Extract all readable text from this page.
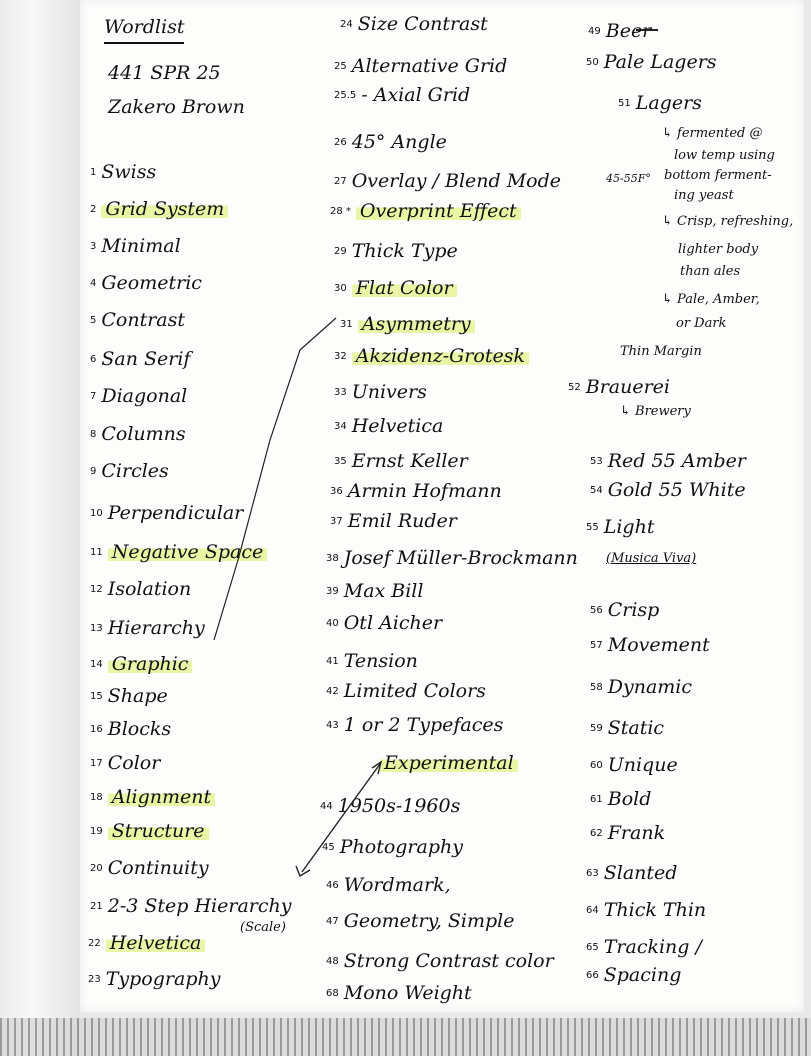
Wordlist
441 SPR 25
Zakero Brown
1 Swiss
2 Grid System
3 Minimal
4 Geometric
5 Contrast
6 San Serif
7 Diagonal
8 Columns
9 Circles
10 Perpendicular
11 Negative Space
12 Isolation
13 Hierarchy
14 Graphic
15 Shape
16 Blocks
17 Color
18 Alignment
19 Structure
20 Continuity
21 2-3 Step Hierarchy
(Scale)
22 Helvetica
23 Typography
24 Size Contrast
25 Alternative Grid
25.5 - Axial Grid
26 45° Angle
27 Overlay / Blend Mode
28 * Overprint Effect
29 Thick Type
30 Flat Color
31 Asymmetry
32 Akzidenz-Grotesk
33 Univers
34 Helvetica
35 Ernst Keller
36 Armin Hofmann
37 Emil Ruder
38 Josef Müller-Brockmann (Musica Viva)
39 Max Bill
40 Otl Aicher
41 Tension
42 Limited Colors
43 1 or 2 Typefaces
Experimental
44 1950s-1960s
45 Photography
46 Wordmark,
47 Geometry, Simple
48 Strong Contrast color
68 Mono Weight
49 Beer
50 Pale Lagers
51 Lagers
↳ fermented @
low temp using
45-55F° bottom ferment-
ing yeast
↳ Crisp, refreshing,
lighter body
than ales
↳ Pale, Amber,
or Dark
Thin Margin
52 Brauerei
↳ Brewery
53 Red 55 Amber
54 Gold 55 White
55 Light
56 Crisp
57 Movement
58 Dynamic
59 Static
60 Unique
61 Bold
62 Frank
63 Slanted
64 Thick Thin
65 Tracking /
66 Spacing
